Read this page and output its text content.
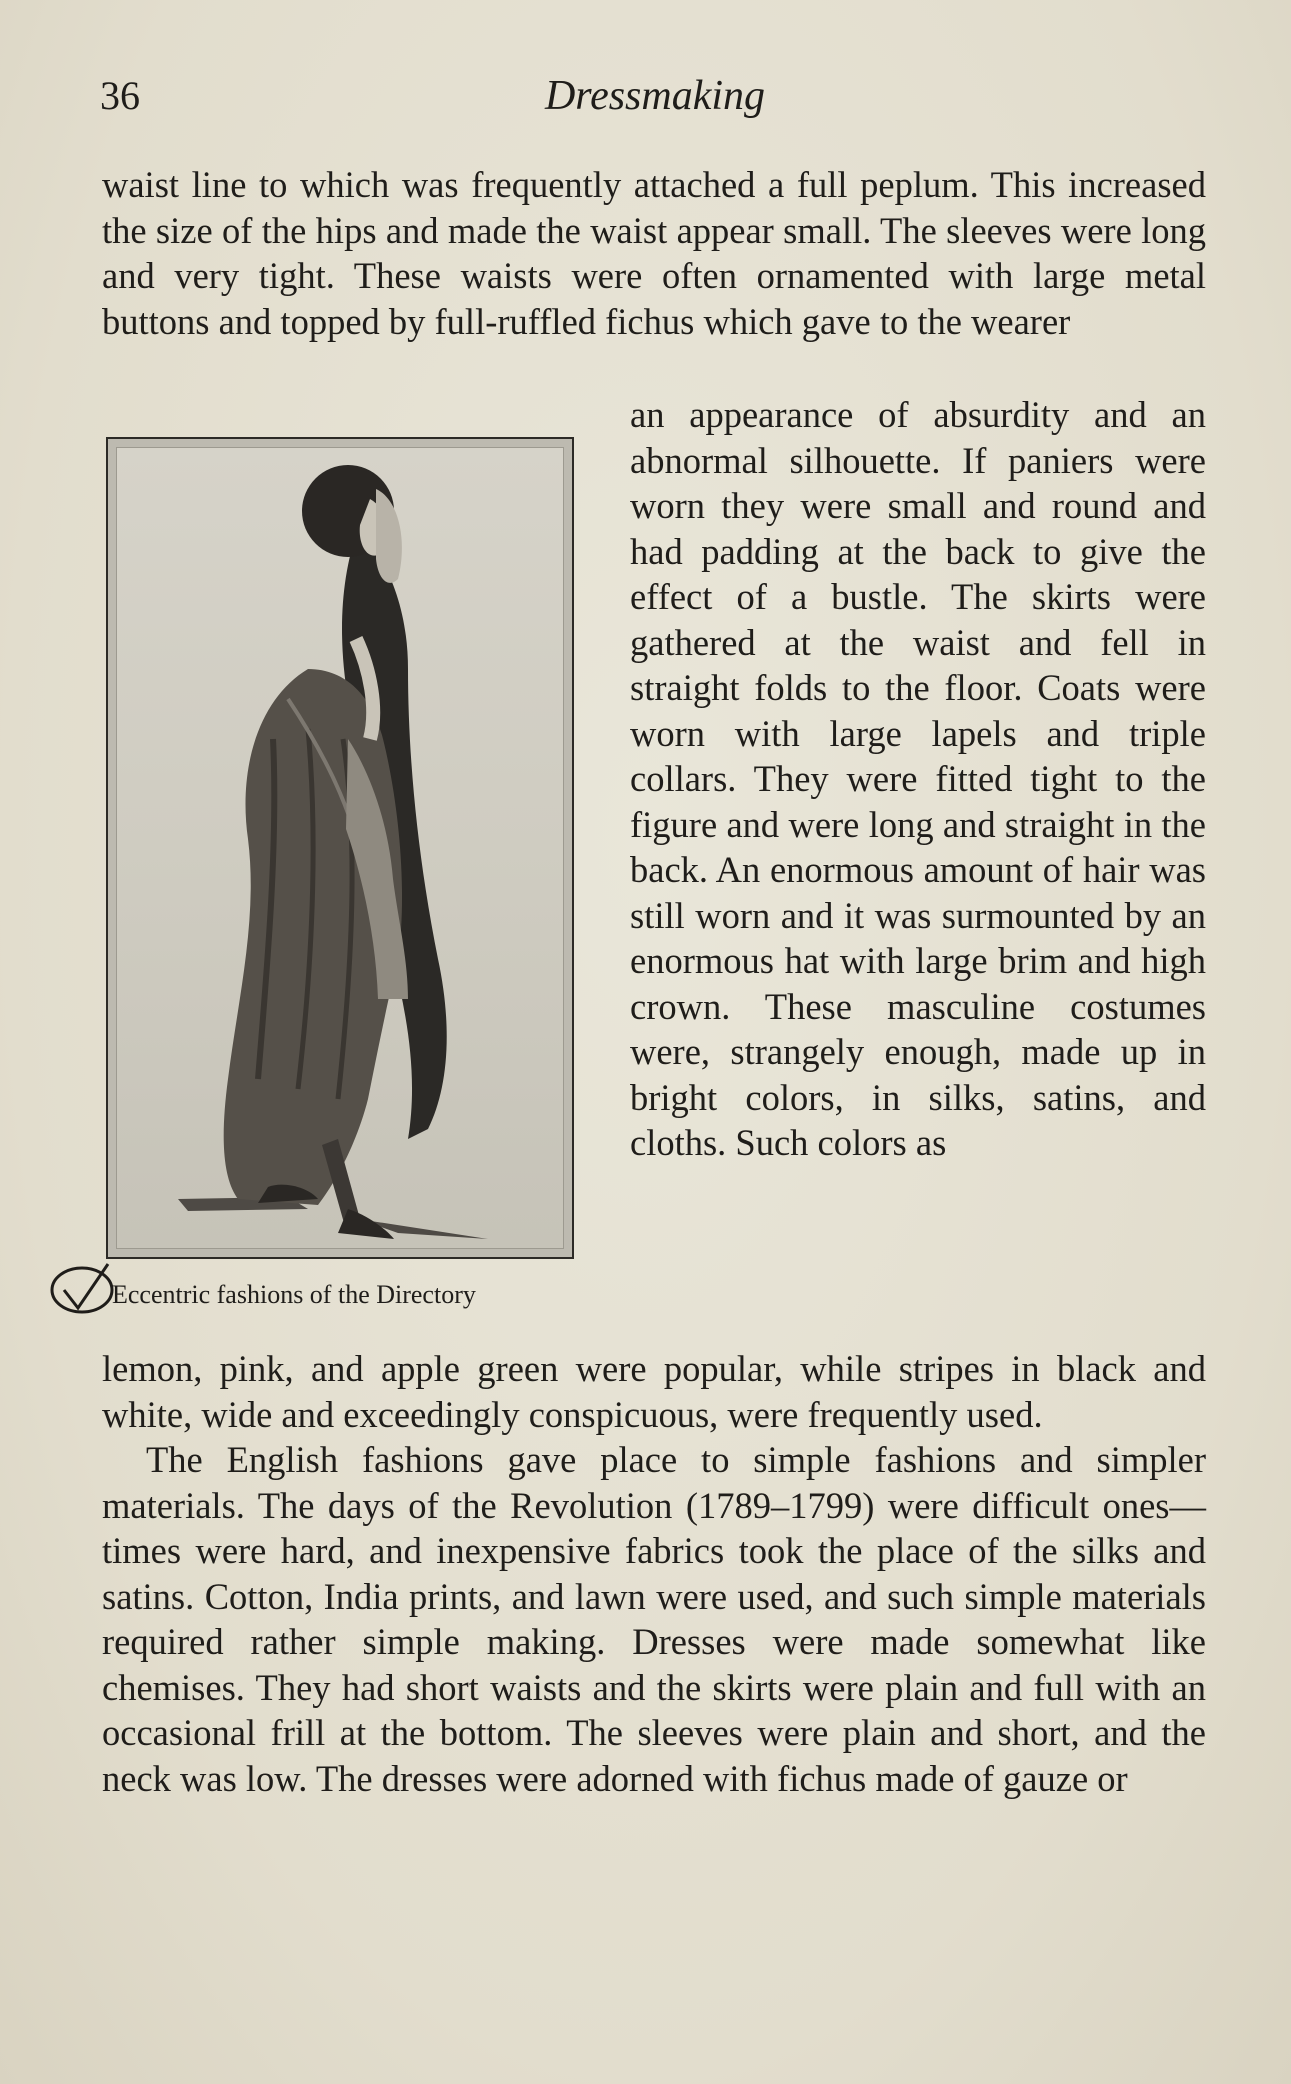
36	Dressmaking

waist line to which was frequently attached a full peplum. This increased the size of the hips and made the waist appear small. The sleeves were long and very tight. These waists were often ornamented with large metal buttons and topped by full-ruffled fichus which gave to the wearer

Eccentric fashions of the Directory

an appearance of absurdity and an abnormal silhouette. If paniers were worn they were small and round and had padding at the back to give the effect of a bustle. The skirts were gathered at the waist and fell in straight folds to the floor. Coats were worn with large lapels and triple collars. They were fitted tight to the figure and were long and straight in the back. An enormous amount of hair was still worn and it was surmounted by an enormous hat with large brim and high crown. These masculine costumes were, strangely enough, made up in bright colors, in silks, satins, and cloths. Such colors as

lemon, pink, and apple green were popular, while stripes in black and white, wide and exceedingly conspicuous, were frequently used.

The English fashions gave place to simple fashions and simpler materials. The days of the Revolution (1789–1799) were difficult ones—times were hard, and inexpensive fabrics took the place of the silks and satins. Cotton, India prints, and lawn were used, and such simple materials required rather simple making. Dresses were made somewhat like chemises. They had short waists and the skirts were plain and full with an occasional frill at the bottom. The sleeves were plain and short, and the neck was low. The dresses were adorned with fichus made of gauze or
